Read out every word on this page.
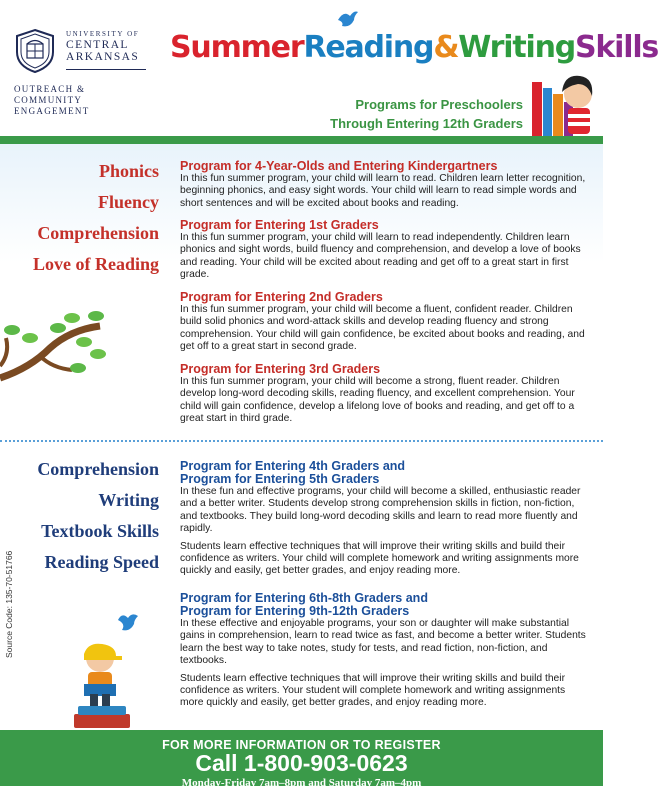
UNIVERSITY OF
CENTRAL
ARKANSAS
OUTREACH &
COMMUNITY
ENGAGEMENT
SummerReading&WritingSkills
Programs for Preschoolers
Through Entering 12th Graders
Phonics
Fluency
Comprehension
Love of Reading
Program for 4-Year-Olds and Entering Kindergartners

In this fun summer program, your child will learn to read. Children learn letter recognition, beginning phonics, and easy sight words. Your child will learn to read simple words and short sentences and will be excited about books and reading.

Program for Entering 1st Graders

In this fun summer program, your child will learn to read independently. Children learn phonics and sight words, build fluency and comprehension, and develop a love of books and reading. Your child will be excited about reading and get off to a great start in first grade.

Program for Entering 2nd Graders

In this fun summer program, your child will become a fluent, confident reader. Children build solid phonics and word-attack skills and develop reading fluency and strong comprehension. Your child will gain confidence, be excited about books and reading, and get off to a great start in second grade.

Program for Entering 3rd Graders

In this fun summer program, your child will become a strong, fluent reader. Children develop long-word decoding skills, reading fluency, and excellent comprehension. Your child will gain confidence, develop a lifelong love of books and reading, and get off to a great start in third grade.

Comprehension
Writing
Textbook Skills
Reading Speed
Program for Entering 4th Graders and
Program for Entering 5th Graders

In these fun and effective programs, your child will become a skilled, enthusiastic reader and a better writer. Students develop strong comprehension skills in fiction, non-fiction, and textbooks. They build long-word decoding skills and learn to read more fluently and rapidly.

Students learn effective techniques that will improve their writing skills and build their confidence as writers. Your child will complete homework and writing assignments more quickly and easily, get better grades, and enjoy reading more.

Program for Entering 6th-8th Graders and
Program for Entering 9th-12th Graders

In these effective and enjoyable programs, your son or daughter will make substantial gains in comprehension, learn to read twice as fast, and become a better writer. Students learn the best way to take notes, study for tests, and read fiction, non-fiction, and textbooks.

Students learn effective techniques that will improve their writing skills and build their confidence as writers. Your student will complete homework and writing assignments more quickly and easily, get better grades, and enjoy reading more.

Source Code: 135-70-51766
FOR MORE INFORMATION OR TO REGISTER
Call 1-800-903-0623
Monday-Friday 7am–8pm and Saturday 7am–4pm
